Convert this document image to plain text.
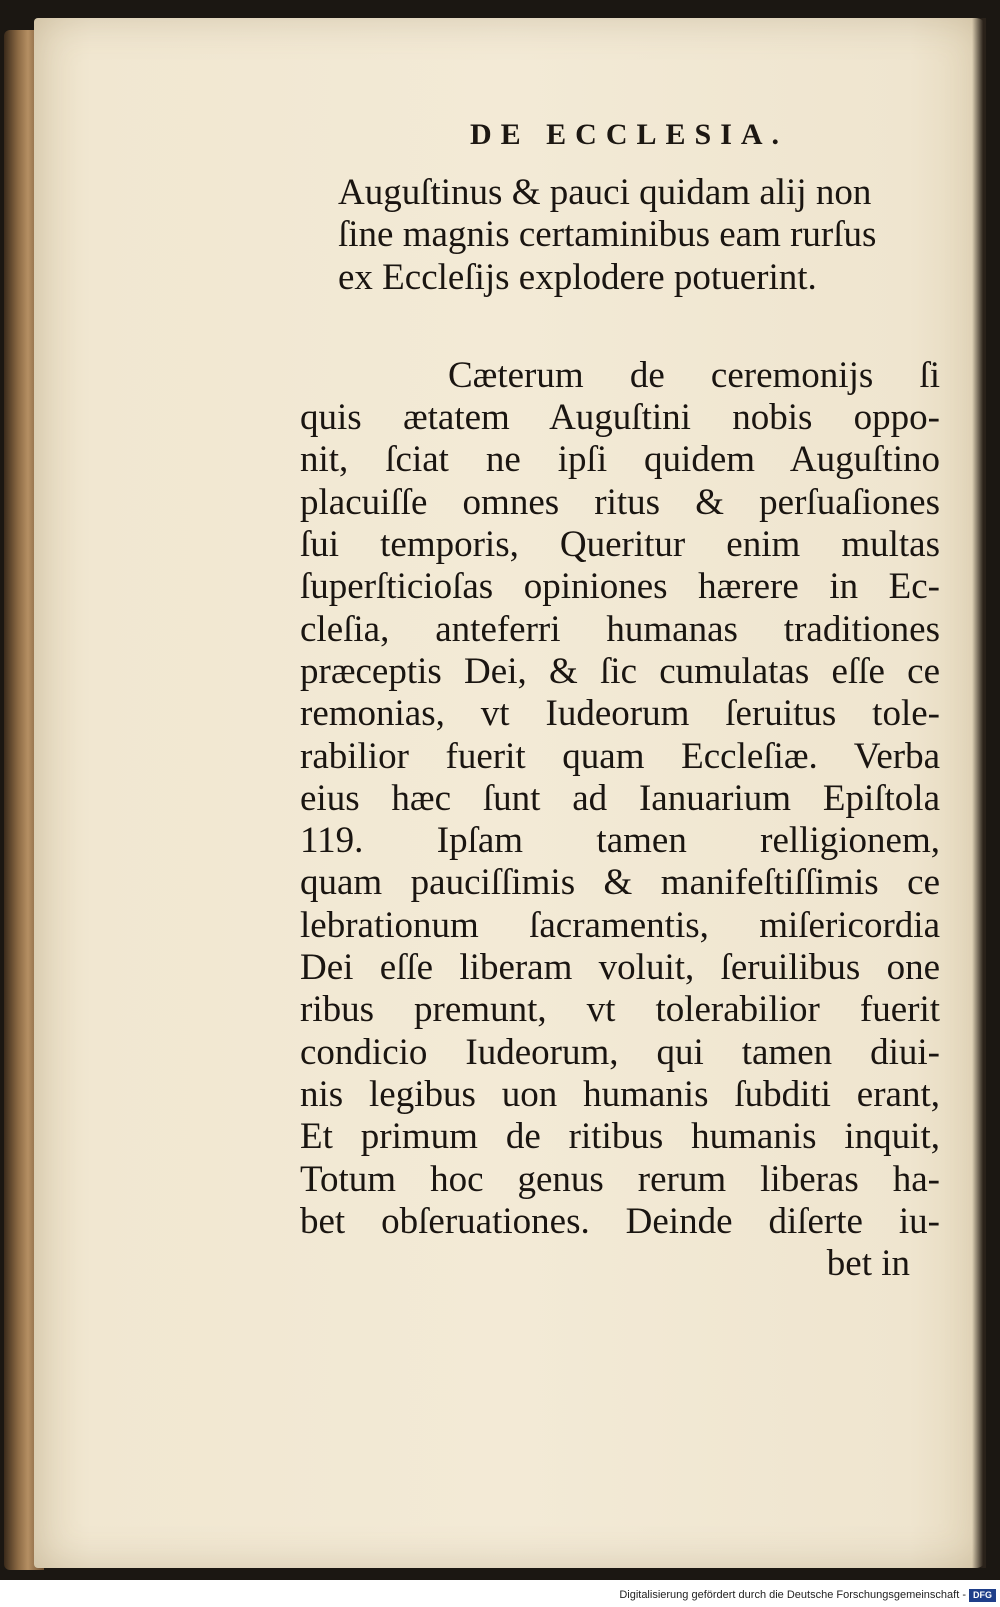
DE ECCLESIA.
Auguſtinus & pauci quidam alij non
ſine magnis certaminibus eam rurſus
ex Eccleſijs explodere potuerint.
Cæterum de ceremonijs ſi
quis ætatem Auguſtini nobis oppo-
nit, ſciat ne ipſi quidem Auguſtino
placuiſſe omnes ritus & perſuaſiones
ſui temporis, Queritur enim multas
ſuperſticioſas opiniones hærere in Ec-
cleſia, anteferri humanas traditiones
præceptis Dei, & ſic cumulatas eſſe ce
remonias, vt Iudeorum ſeruitus tole-
rabilior fuerit quam Eccleſiæ. Verba
eius hæc ſunt ad Ianuarium Epiſtola
119. Ipſam tamen relligionem,
quam pauciſſimis & manifeſtiſſimis ce
lebrationum ſacramentis, miſericordia
Dei eſſe liberam voluit, ſeruilibus one
ribus premunt, vt tolerabilior fuerit
condicio Iudeorum, qui tamen diui-
nis legibus uon humanis ſubditi erant,
Et primum de ritibus humanis inquit,
Totum hoc genus rerum liberas ha-
bet obſeruationes. Deinde diſerte iu-
bet in
Digitalisierung gefördert durch die Deutsche Forschungsgemeinschaft - DFG
